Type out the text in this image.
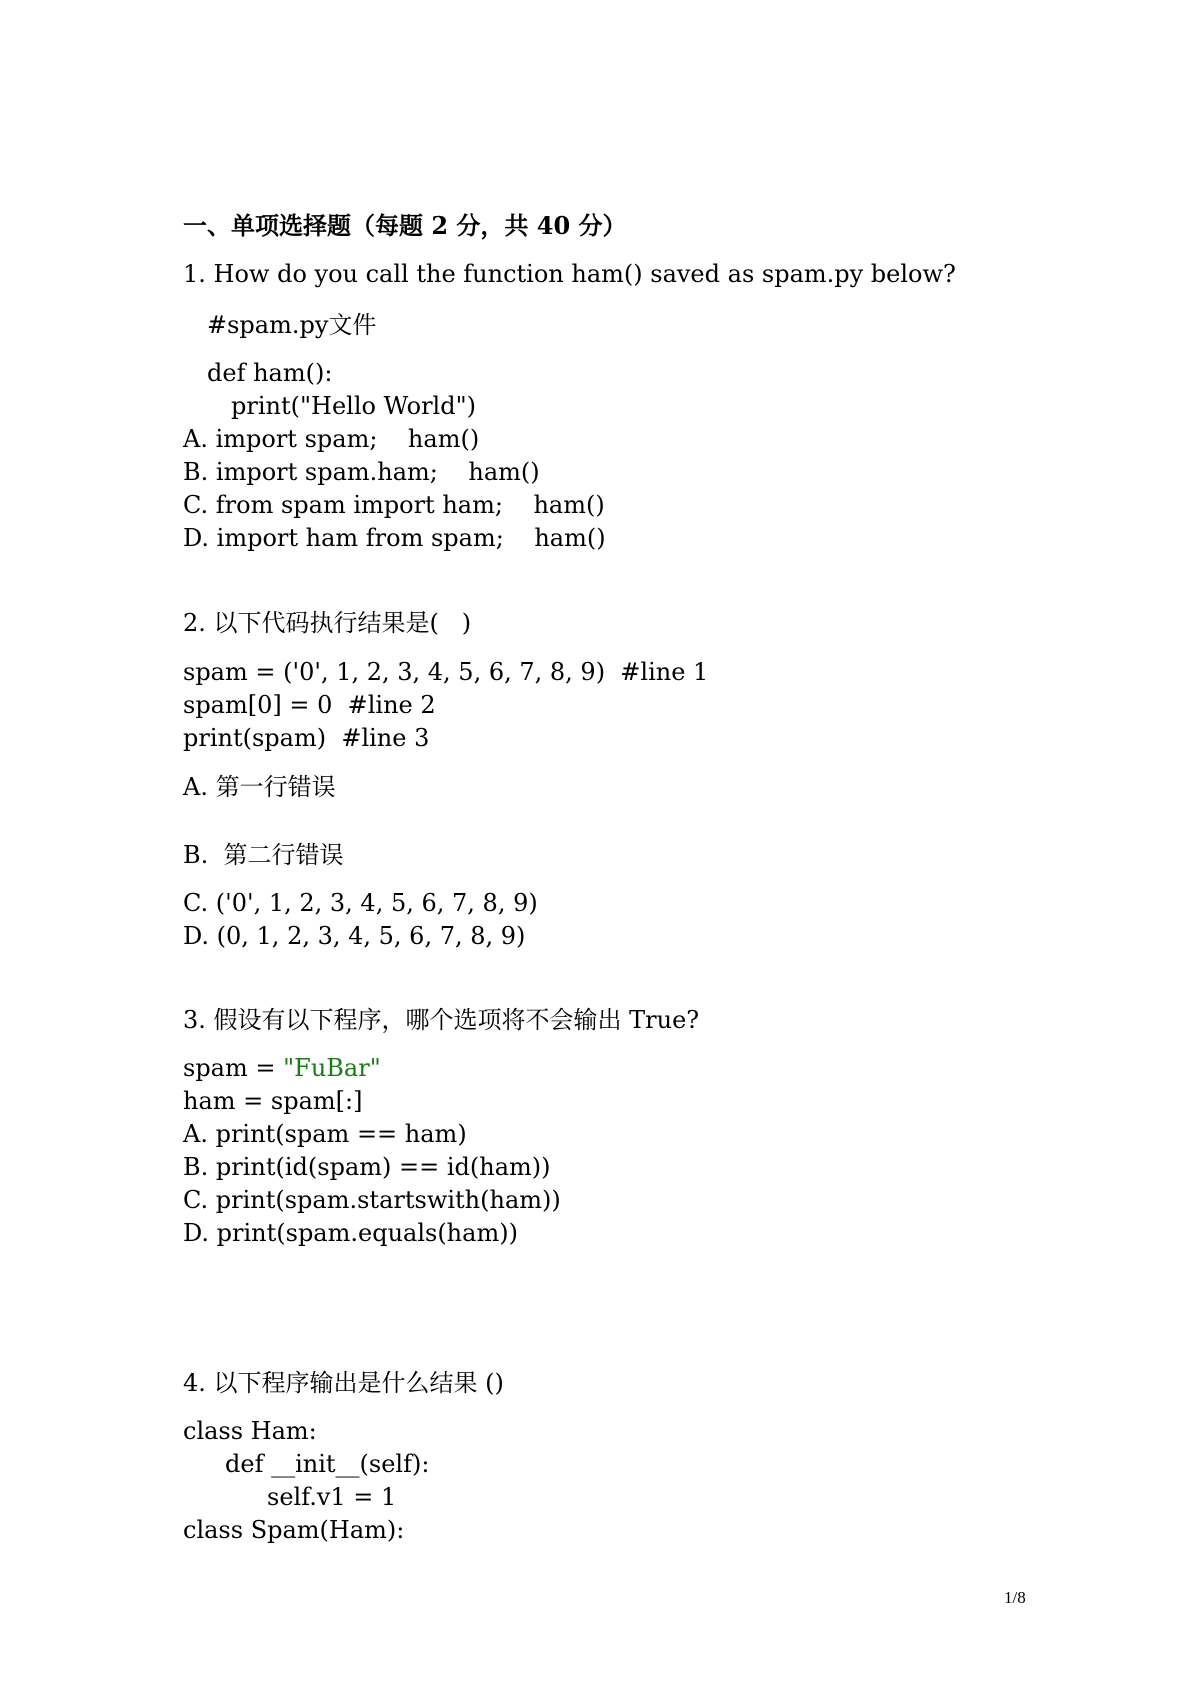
一、单项选择题（每题 2 分，共 40 分）
1. How do you call the function ham() saved as spam.py below?
#spam.py文件
def ham():
print("Hello World")
A. import spam;    ham()
B. import spam.ham;    ham()
C. from spam import ham;    ham()
D. import ham from spam;    ham()
2. 以下代码执行结果是(   )
spam = ('0', 1, 2, 3, 4, 5, 6, 7, 8, 9)  #line 1
spam[0] = 0  #line 2
print(spam)  #line 3
A. 第一行错误
B.  第二行错误
C. ('0', 1, 2, 3, 4, 5, 6, 7, 8, 9)
D. (0, 1, 2, 3, 4, 5, 6, 7, 8, 9)
3. 假设有以下程序，哪个选项将不会输出 True?
spam = "FuBar"
ham = spam[:]
A. print(spam == ham)
B. print(id(spam) == id(ham))
C. print(spam.startswith(ham))
D. print(spam.equals(ham))
4. 以下程序输出是什么结果 ()
class Ham:
def __init__(self):
self.v1 = 1
class Spam(Ham):
1/8
